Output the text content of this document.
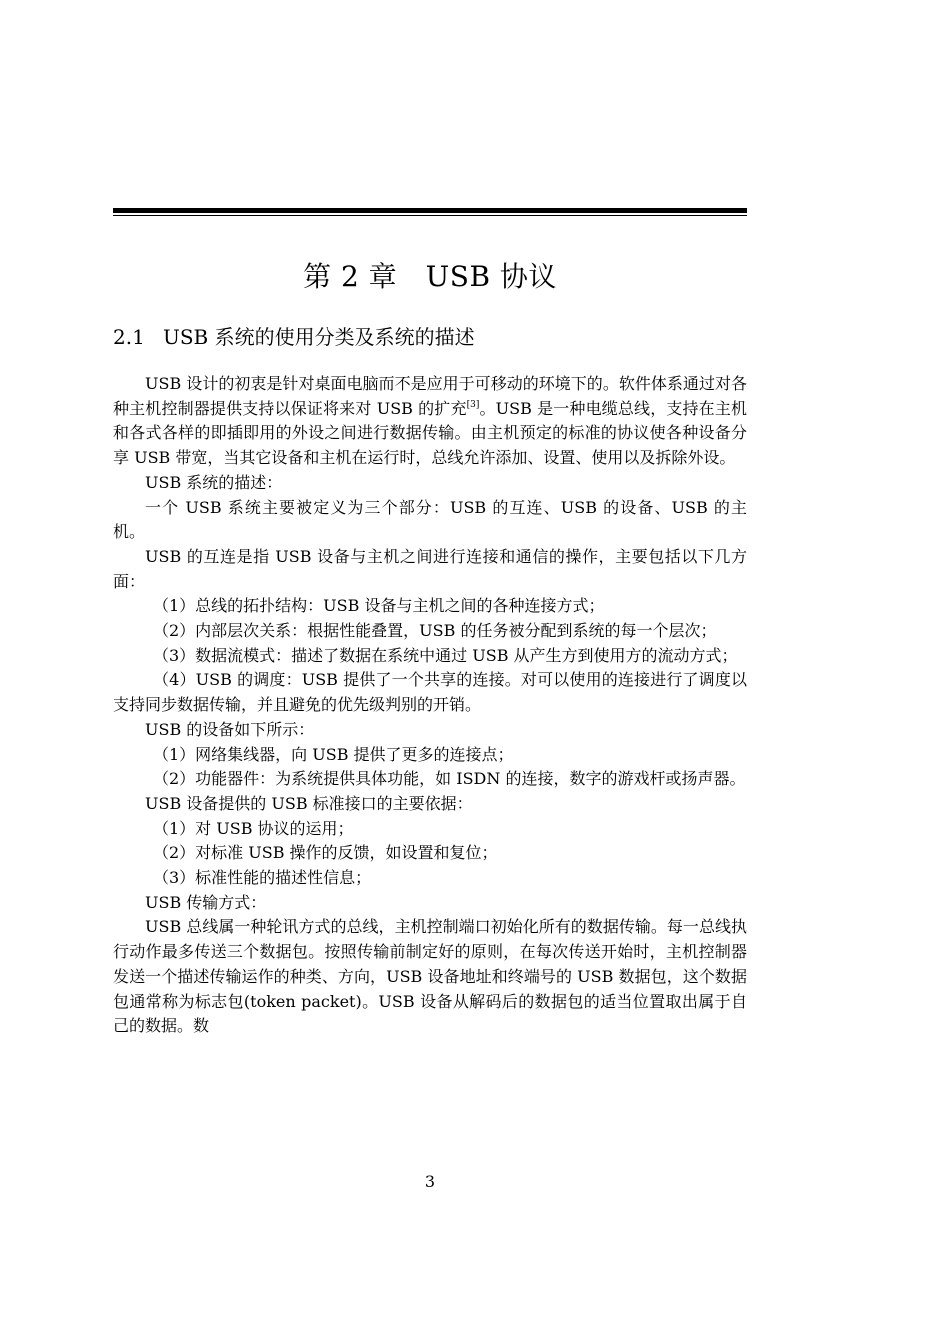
第 2 章　USB 协议
2.1 USB 系统的使用分类及系统的描述

USB 设计的初衷是针对桌面电脑而不是应用于可移动的环境下的。软件体系通过对各种主机控制器提供支持以保证将来对 USB 的扩充[3]。USB 是一种电缆总线，支持在主机和各式各样的即插即用的外设之间进行数据传输。由主机预定的标准的协议使各种设备分享 USB 带宽，当其它设备和主机在运行时，总线允许添加、设置、使用以及拆除外设。

USB 系统的描述：

一个 USB 系统主要被定义为三个部分：USB 的互连、USB 的设备、USB 的主机。

USB 的互连是指 USB 设备与主机之间进行连接和通信的操作，主要包括以下几方面：

（1）总线的拓扑结构：USB 设备与主机之间的各种连接方式；

（2）内部层次关系：根据性能叠置，USB 的任务被分配到系统的每一个层次；

（3）数据流模式：描述了数据在系统中通过 USB 从产生方到使用方的流动方式；

（4）USB 的调度：USB 提供了一个共享的连接。对可以使用的连接进行了调度以支持同步数据传输，并且避免的优先级判别的开销。

USB 的设备如下所示：

（1）网络集线器，向 USB 提供了更多的连接点；

（2）功能器件：为系统提供具体功能，如 ISDN 的连接，数字的游戏杆或扬声器。

USB 设备提供的 USB 标准接口的主要依据：

（1）对 USB 协议的运用；

（2）对标准 USB 操作的反馈，如设置和复位；

（3）标准性能的描述性信息；

USB 传输方式：

USB 总线属一种轮讯方式的总线，主机控制端口初始化所有的数据传输。每一总线执行动作最多传送三个数据包。按照传输前制定好的原则，在每次传送开始时，主机控制器发送一个描述传输运作的种类、方向，USB 设备地址和终端号的 USB 数据包，这个数据包通常称为标志包(token packet)。USB 设备从解码后的数据包的适当位置取出属于自己的数据。数

3
